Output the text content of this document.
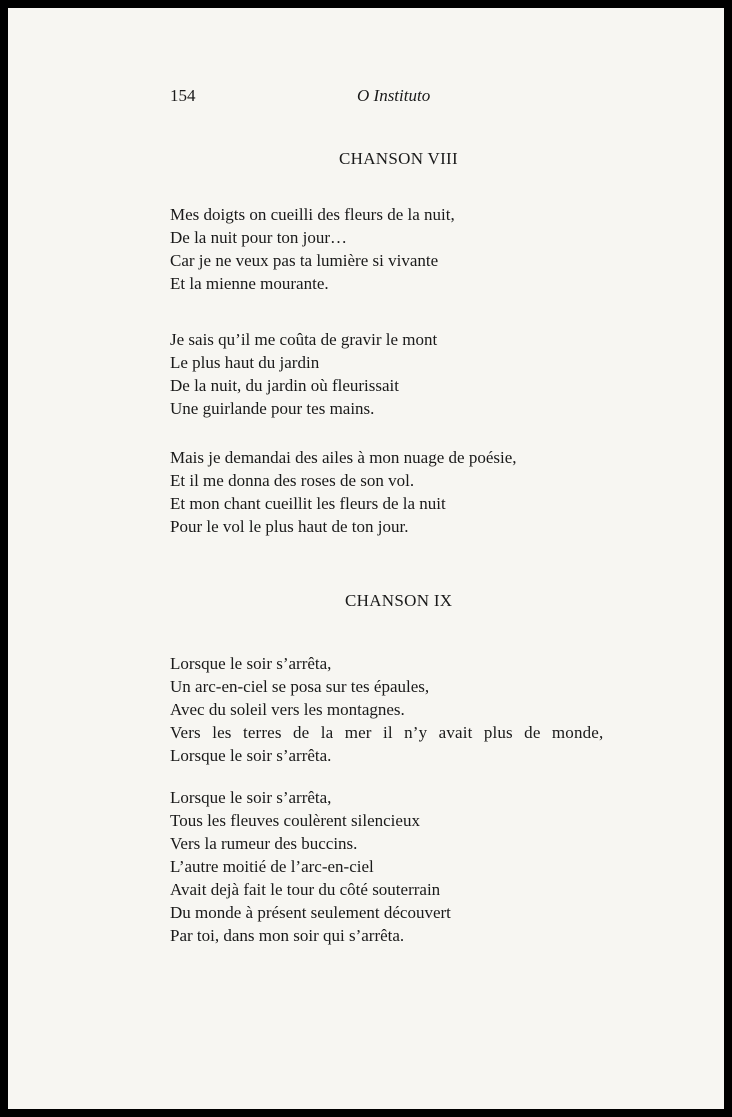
154	O Instituto
CHANSON VIII
Mes doigts on cueilli des fleurs de la nuit,
De la nuit pour ton jour…
Car je ne veux pas ta lumière si vivante
Et la mienne mourante.
Je sais qu’il me coûta de gravir le mont
Le plus haut du jardin
De la nuit, du jardin où fleurissait
Une guirlande pour tes mains.
Mais je demandai des ailes à mon nuage de poésie,
Et il me donna des roses de son vol.
Et mon chant cueillit les fleurs de la nuit
Pour le vol le plus haut de ton jour.
CHANSON IX
Lorsque le soir s’arrêta,
Un arc-en-ciel se posa sur tes épaules,
Avec du soleil vers les montagnes.
Vers les terres de la mer il n’y avait plus de monde,
Lorsque le soir s’arrêta.
Lorsque le soir s’arrêta,
Tous les fleuves coulèrent silencieux
Vers la rumeur des buccins.
L’autre moitié de l’arc-en-ciel
Avait dejà fait le tour du côté souterrain
Du monde à présent seulement découvert
Par toi, dans mon soir qui s’arrêta.
